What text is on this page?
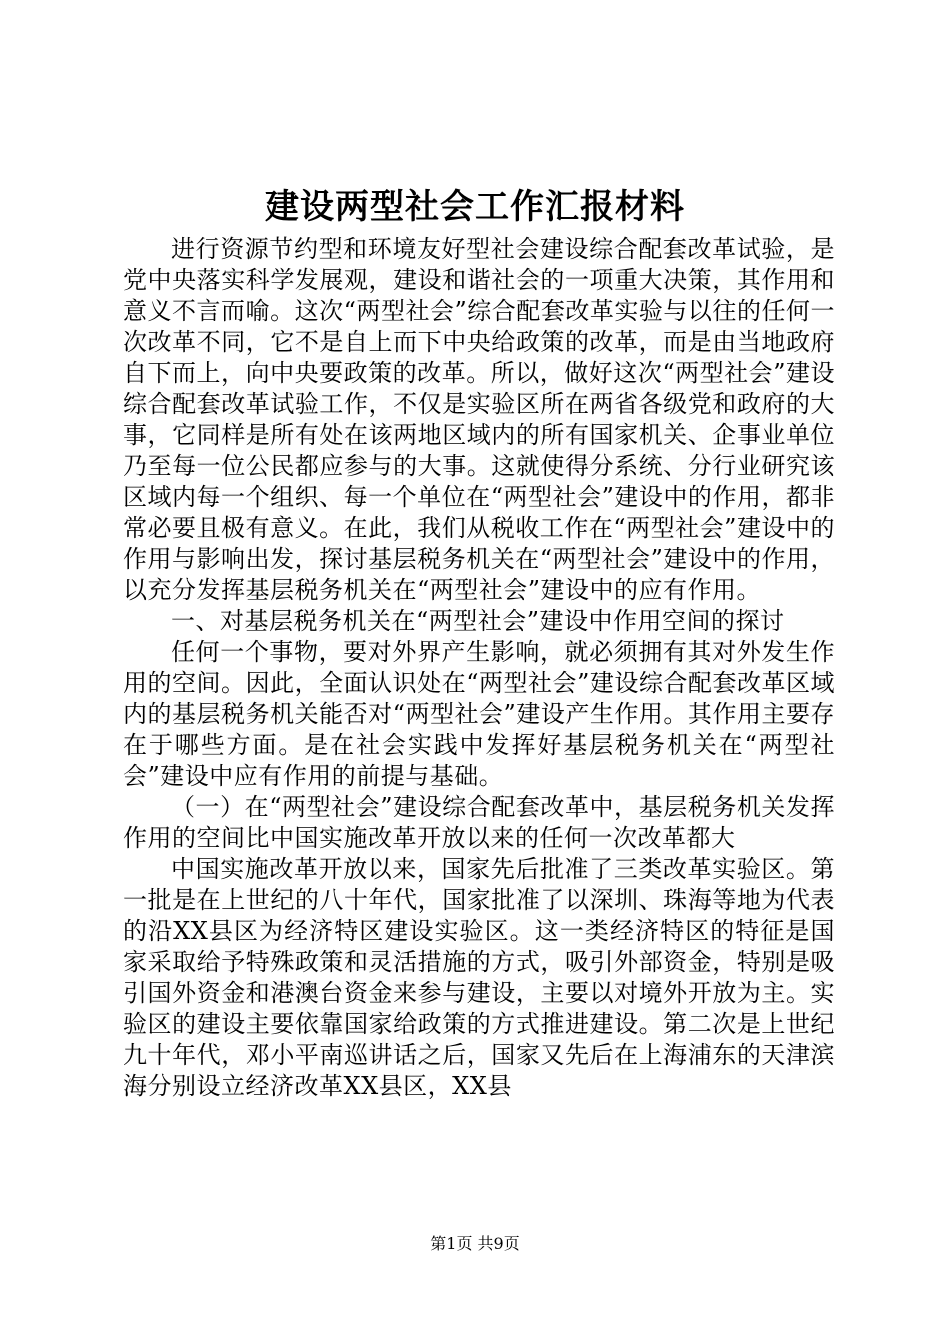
建设两型社会工作汇报材料

进行资源节约型和环境友好型社会建设综合配套改革试验，是党中央落实科学发展观，建设和谐社会的一项重大决策，其作用和意义不言而喻。这次“两型社会”综合配套改革实验与以往的任何一次改革不同，它不是自上而下中央给政策的改革，而是由当地政府自下而上，向中央要政策的改革。所以，做好这次“两型社会”建设综合配套改革试验工作，不仅是实验区所在两省各级党和政府的大事，它同样是所有处在该两地区域内的所有国家机关、企事业单位乃至每一位公民都应参与的大事。这就使得分系统、分行业研究该区域内每一个组织、每一个单位在“两型社会”建设中的作用，都非常必要且极有意义。在此，我们从税收工作在“两型社会”建设中的作用与影响出发，探讨基层税务机关在“两型社会”建设中的作用，以充分发挥基层税务机关在“两型社会”建设中的应有作用。

一、对基层税务机关在“两型社会”建设中作用空间的探讨

任何一个事物，要对外界产生影响，就必须拥有其对外发生作用的空间。因此，全面认识处在“两型社会”建设综合配套改革区域内的基层税务机关能否对“两型社会”建设产生作用。其作用主要存在于哪些方面。是在社会实践中发挥好基层税务机关在“两型社会”建设中应有作用的前提与基础。

（一）在“两型社会”建设综合配套改革中，基层税务机关发挥作用的空间比中国实施改革开放以来的任何一次改革都大

中国实施改革开放以来，国家先后批准了三类改革实验区。第一批是在上世纪的八十年代，国家批准了以深圳、珠海等地为代表的沿XX县区为经济特区建设实验区。这一类经济特区的特征是国家采取给予特殊政策和灵活措施的方式，吸引外部资金，特别是吸引国外资金和港澳台资金来参与建设，主要以对境外开放为主。实验区的建设主要依靠国家给政策的方式推进建设。第二次是上世纪九十年代，邓小平南巡讲话之后，国家又先后在上海浦东的天津滨海分别设立经济改革XX县区，XX县

第1页 共9页
